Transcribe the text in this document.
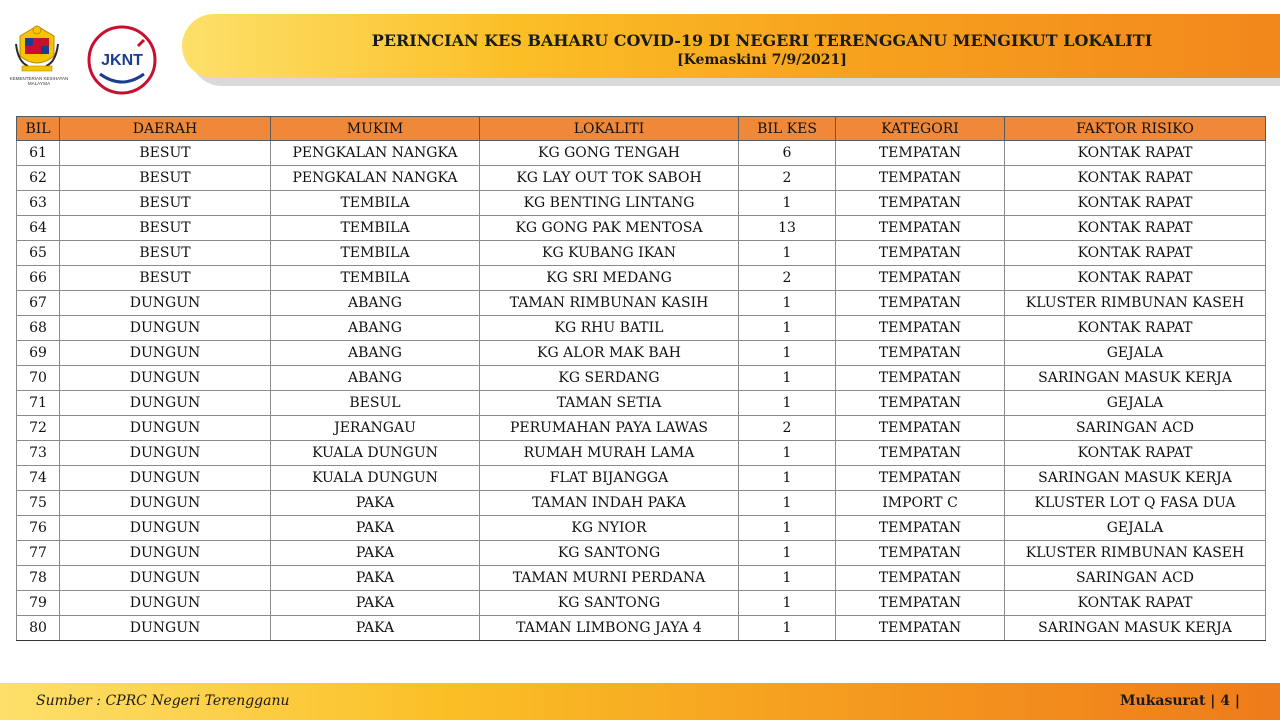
KEMENTERIAN KESIHATAN MALAYSIA
JKNT
PERINCIAN KES BAHARU COVID-19 DI NEGERI TERENGGANU MENGIKUT LOKALITI
[Kemaskini 7/9/2021]
BIL	DAERAH	MUKIM	LOKALITI	BIL KES	KATEGORI	FAKTOR RISIKO
61	BESUT	PENGKALAN NANGKA	KG GONG TENGAH	6	TEMPATAN	KONTAK RAPAT
62	BESUT	PENGKALAN NANGKA	KG LAY OUT TOK SABOH	2	TEMPATAN	KONTAK RAPAT
63	BESUT	TEMBILA	KG BENTING LINTANG	1	TEMPATAN	KONTAK RAPAT
64	BESUT	TEMBILA	KG GONG PAK MENTOSA	13	TEMPATAN	KONTAK RAPAT
65	BESUT	TEMBILA	KG KUBANG IKAN	1	TEMPATAN	KONTAK RAPAT
66	BESUT	TEMBILA	KG SRI MEDANG	2	TEMPATAN	KONTAK RAPAT
67	DUNGUN	ABANG	TAMAN RIMBUNAN KASIH	1	TEMPATAN	KLUSTER RIMBUNAN KASEH
68	DUNGUN	ABANG	KG RHU BATIL	1	TEMPATAN	KONTAK RAPAT
69	DUNGUN	ABANG	KG ALOR MAK BAH	1	TEMPATAN	GEJALA
70	DUNGUN	ABANG	KG SERDANG	1	TEMPATAN	SARINGAN MASUK KERJA
71	DUNGUN	BESUL	TAMAN SETIA	1	TEMPATAN	GEJALA
72	DUNGUN	JERANGAU	PERUMAHAN PAYA LAWAS	2	TEMPATAN	SARINGAN ACD
73	DUNGUN	KUALA DUNGUN	RUMAH MURAH LAMA	1	TEMPATAN	KONTAK RAPAT
74	DUNGUN	KUALA DUNGUN	FLAT BIJANGGA	1	TEMPATAN	SARINGAN MASUK KERJA
75	DUNGUN	PAKA	TAMAN INDAH PAKA	1	IMPORT C	KLUSTER LOT Q FASA DUA
76	DUNGUN	PAKA	KG NYIOR	1	TEMPATAN	GEJALA
77	DUNGUN	PAKA	KG SANTONG	1	TEMPATAN	KLUSTER RIMBUNAN KASEH
78	DUNGUN	PAKA	TAMAN MURNI PERDANA	1	TEMPATAN	SARINGAN ACD
79	DUNGUN	PAKA	KG SANTONG	1	TEMPATAN	KONTAK RAPAT
80	DUNGUN	PAKA	TAMAN LIMBONG JAYA 4	1	TEMPATAN	SARINGAN MASUK KERJA
Sumber : CPRC Negeri Terengganu	Mukasurat | 4 |
